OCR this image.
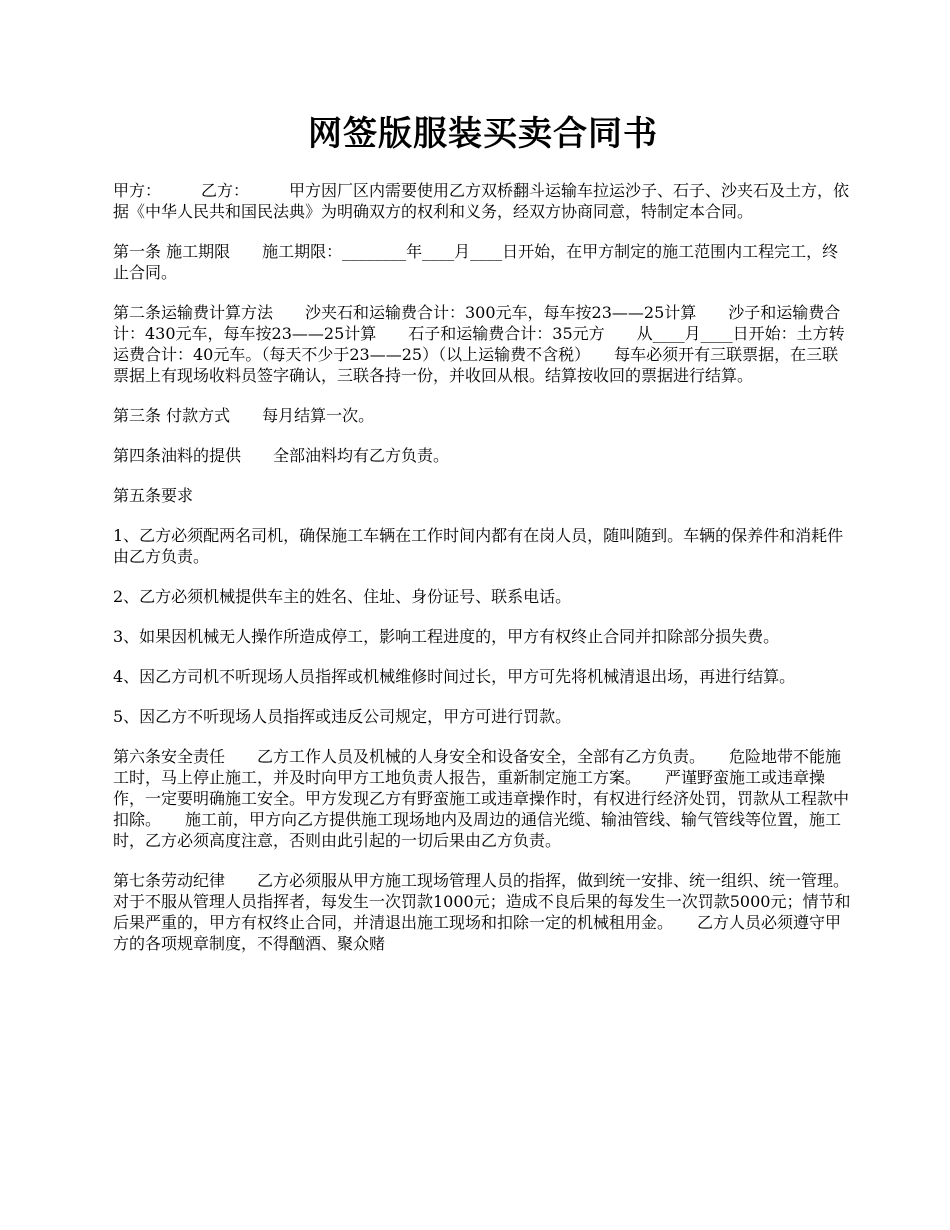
网签版服装买卖合同书

甲方：　　　乙方：　　　甲方因厂区内需要使用乙方双桥翻斗运输车拉运沙子、石子、沙夹石及土方，依据《中华人民共和国民法典》为明确双方的权利和义务，经双方协商同意，特制定本合同。

第一条 施工期限　　施工期限：________年____月____日开始，在甲方制定的施工范围内工程完工，终止合同。

第二条运输费计算方法　　沙夹石和运输费合计：300元车，每车按23——25计算　　沙子和运输费合计：430元车，每车按23——25计算　　石子和运输费合计：35元方　　从____月____日开始：土方转运费合计：40元车。（每天不少于23——25）（以上运输费不含税）　　每车必须开有三联票据，在三联票据上有现场收料员签字确认，三联各持一份，并收回从根。结算按收回的票据进行结算。

第三条 付款方式　　每月结算一次。

第四条油料的提供　　全部油料均有乙方负责。

第五条要求

1、乙方必须配两名司机，确保施工车辆在工作时间内都有在岗人员，随叫随到。车辆的保养件和消耗件由乙方负责。

2、乙方必须机械提供车主的姓名、住址、身份证号、联系电话。

3、如果因机械无人操作所造成停工，影响工程进度的，甲方有权终止合同并扣除部分损失费。

4、因乙方司机不听现场人员指挥或机械维修时间过长，甲方可先将机械清退出场，再进行结算。

5、因乙方不听现场人员指挥或违反公司规定，甲方可进行罚款。

第六条安全责任　　乙方工作人员及机械的人身安全和设备安全，全部有乙方负责。　　危险地带不能施工时，马上停止施工，并及时向甲方工地负责人报告，重新制定施工方案。　　严谨野蛮施工或违章操作，一定要明确施工安全。甲方发现乙方有野蛮施工或违章操作时，有权进行经济处罚，罚款从工程款中扣除。　　施工前，甲方向乙方提供施工现场地内及周边的通信光缆、输油管线、输气管线等位置，施工时，乙方必须高度注意，否则由此引起的一切后果由乙方负责。

第七条劳动纪律　　乙方必须服从甲方施工现场管理人员的指挥，做到统一安排、统一组织、统一管理。对于不服从管理人员指挥者，每发生一次罚款1000元；造成不良后果的每发生一次罚款5000元；情节和后果严重的，甲方有权终止合同，并清退出施工现场和扣除一定的机械租用金。　　乙方人员必须遵守甲方的各项规章制度，不得酗酒、聚众赌
